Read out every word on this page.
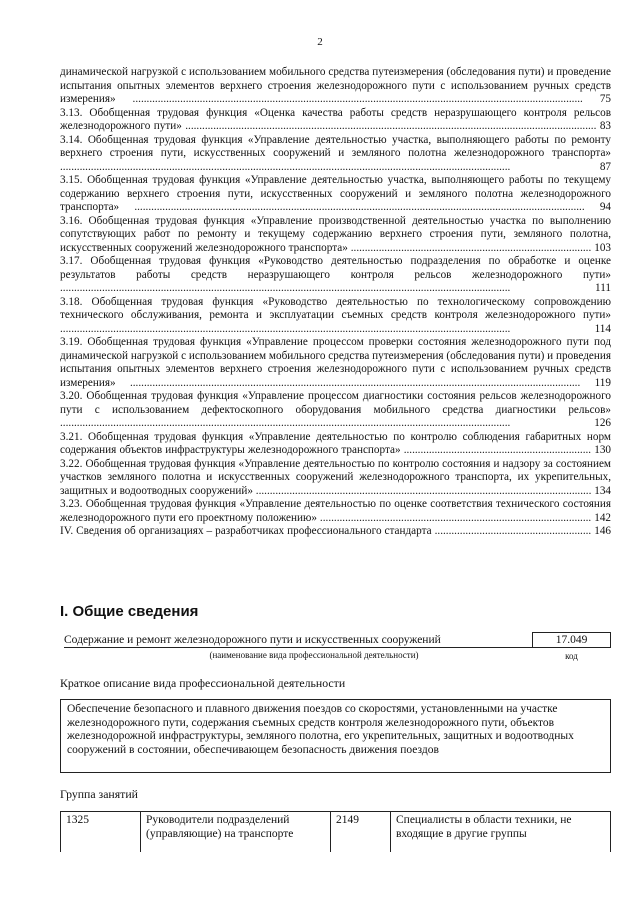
2
динамической нагрузкой с использованием мобильного средства путеизмерения (обследования пути) и проведение испытания опытных элементов верхнего строения железнодорожного пути с использованием ручных средств измерения» ................................................................................................................................................................. 75
3.13. Обобщенная трудовая функция «Оценка качества работы средств неразрушающего контроля рельсов железнодорожного пути» ................................................................................................................................................... 83
3.14. Обобщенная трудовая функция «Управление деятельностью участка, выполняющего работы по ремонту верхнего строения пути, искусственных сооружений и земляного полотна железнодорожного транспорта» ................................................................................................................................................................. 87
3.15. Обобщенная трудовая функция «Управление деятельностью участка, выполняющего работы по текущему содержанию верхнего строения пути, искусственных сооружений и земляного полотна железнодорожного транспорта» ................................................................................................................................................................. 94
3.16. Обобщенная трудовая функция «Управление производственной деятельностью участка по выполнению сопутствующих работ по ремонту и текущему содержанию верхнего строения пути, земляного полотна, искусственных сооружений железнодорожного транспорта» ...................................................................................... 103
3.17. Обобщенная трудовая функция «Руководство деятельностью подразделения по обработке и оценке результатов работы средств неразрушающего контроля рельсов железнодорожного пути» ................................................................................................................................................................. 111
3.18. Обобщенная трудовая функция «Руководство деятельностью по технологическому сопровождению технического обслуживания, ремонта и эксплуатации съемных средств контроля железнодорожного пути» ................................................................................................................................................................. 114
3.19. Обобщенная трудовая функция «Управление процессом проверки состояния железнодорожного пути под динамической нагрузкой с использованием мобильного средства путеизмерения (обследования пути) и проведения испытания опытных элементов верхнего строения железнодорожного пути с использованием ручных средств измерения» ................................................................................................................................................................. 119
3.20. Обобщенная трудовая функция «Управление процессом диагностики состояния рельсов железнодорожного пути с использованием дефектоскопного оборудования мобильного средства диагностики рельсов» ................................................................................................................................................................. 126
3.21. Обобщенная трудовая функция «Управление деятельностью по контролю соблюдения габаритных норм содержания объектов инфраструктуры железнодорожного транспорта» ................................................................... 130
3.22. Обобщенная трудовая функция «Управление деятельностью по контролю состояния и надзору за состоянием участков земляного полотна и искусственных сооружений железнодорожного транспорта, их укрепительных, защитных и водоотводных сооружений» ........................................................................................................................ 134
3.23. Обобщенная трудовая функция «Управление деятельностью по оценке соответствия технического состояния железнодорожного пути его проектному положению» ................................................................................................. 142
IV. Сведения об организациях – разработчиках профессионального стандарта ........................................................ 146
I. Общие сведения
Содержание и ремонт железнодорожного пути и искусственных сооружений
(наименование вида профессиональной деятельности)
17.049
код
Краткое описание вида профессиональной деятельности
Обеспечение безопасного и плавного движения поездов со скоростями, установленными на участке железнодорожного пути, содержания съемных средств контроля железнодорожного пути, объектов железнодорожной инфраструктуры, земляного полотна, его укрепительных, защитных и водоотводных сооружений в состоянии, обеспечивающем безопасность движения поездов
Группа занятий
1325	Руководители подразделений (управляющие) на транспорте	2149	Специалисты в области техники, не входящие в другие группы
